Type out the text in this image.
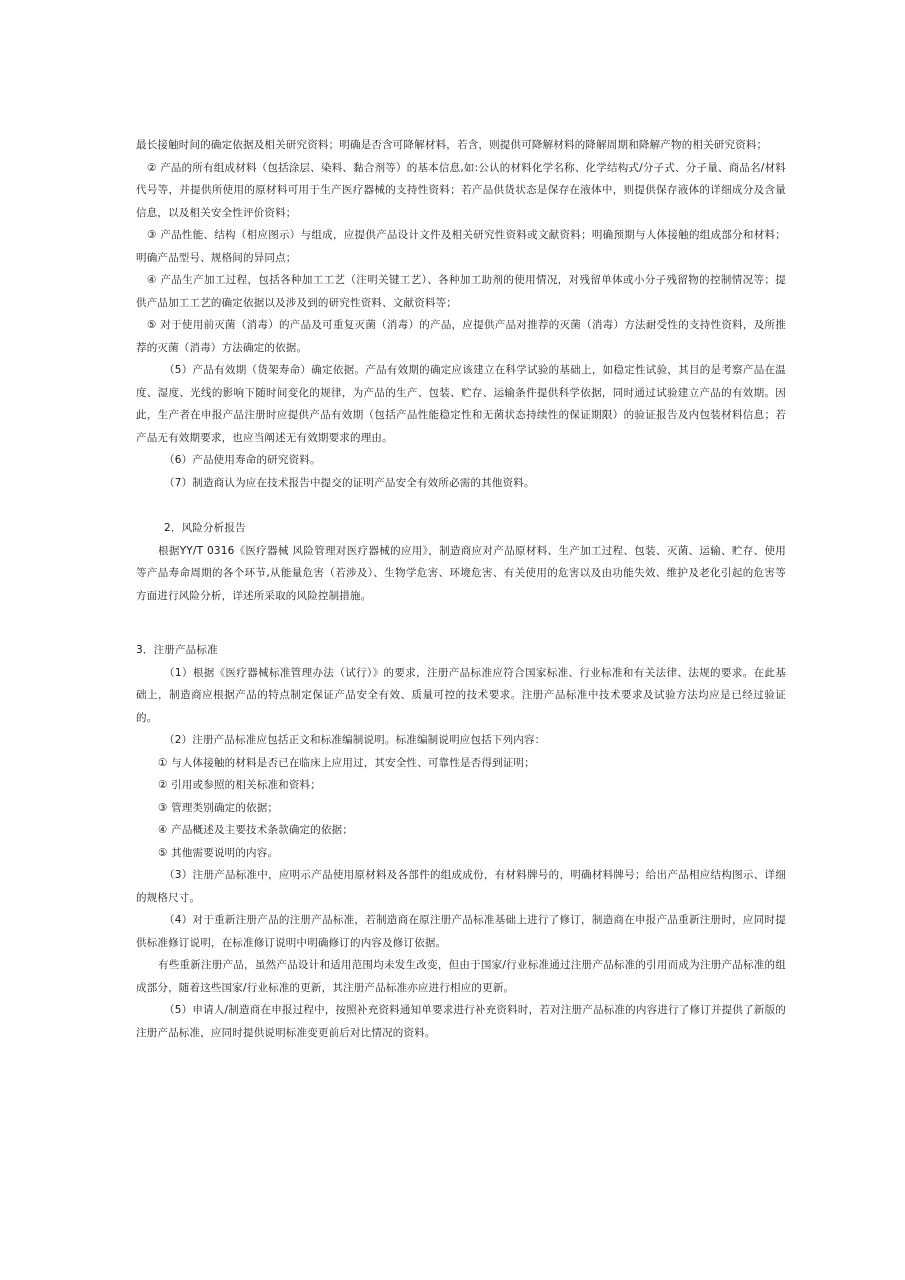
最长接触时间的确定依据及相关研究资料；明确是否含可降解材料，若含，则提供可降解材料的降解周期和降解产物的相关研究资料；

② 产品的所有组成材料（包括涂层、染料、黏合剂等）的基本信息,如:公认的材料化学名称、化学结构式/分子式、分子量、商品名/材料代号等，并提供所使用的原材料可用于生产医疗器械的支持性资料；若产品供货状态是保存在液体中，则提供保存液体的详细成分及含量信息，以及相关安全性评价资料；

③ 产品性能、结构（相应图示）与组成，应提供产品设计文件及相关研究性资料或文献资料；明确预期与人体接触的组成部分和材料；明确产品型号、规格间的异同点；

④ 产品生产加工过程，包括各种加工工艺（注明关键工艺）、各种加工助剂的使用情况，对残留单体或小分子残留物的控制情况等；提供产品加工工艺的确定依据以及涉及到的研究性资料、文献资料等；

⑤ 对于使用前灭菌（消毒）的产品及可重复灭菌（消毒）的产品，应提供产品对推荐的灭菌（消毒）方法耐受性的支持性资料，及所推荐的灭菌（消毒）方法确定的依据。

（5）产品有效期（货架寿命）确定依据。产品有效期的确定应该建立在科学试验的基础上，如稳定性试验，其目的是考察产品在温度、湿度、光线的影响下随时间变化的规律，为产品的生产、包装、贮存、运输条件提供科学依据，同时通过试验建立产品的有效期。因此，生产者在申报产品注册时应提供产品有效期（包括产品性能稳定性和无菌状态持续性的保证期限）的验证报告及内包装材料信息；若产品无有效期要求，也应当阐述无有效期要求的理由。

（6）产品使用寿命的研究资料。

（7）制造商认为应在技术报告中提交的证明产品安全有效所必需的其他资料。

2．风险分析报告

根据YY/T 0316《医疗器械 风险管理对医疗器械的应用》，制造商应对产品原材料、生产加工过程、包装、灭菌、运输、贮存、使用等产品寿命周期的各个环节,从能量危害（若涉及）、生物学危害、环境危害、有关使用的危害以及由功能失效、维护及老化引起的危害等方面进行风险分析，详述所采取的风险控制措施。

3．注册产品标准

（1）根据《医疗器械标准管理办法（试行）》的要求，注册产品标准应符合国家标准、行业标准和有关法律、法规的要求。在此基础上，制造商应根据产品的特点制定保证产品安全有效、质量可控的技术要求。注册产品标准中技术要求及试验方法均应是已经过验证的。

（2）注册产品标准应包括正文和标准编制说明。标准编制说明应包括下列内容：

① 与人体接触的材料是否已在临床上应用过，其安全性、可靠性是否得到证明；

② 引用或参照的相关标准和资料；

③ 管理类别确定的依据；

④ 产品概述及主要技术条款确定的依据；

⑤ 其他需要说明的内容。

（3）注册产品标准中，应明示产品使用原材料及各部件的组成成份，有材料牌号的，明确材料牌号；给出产品相应结构图示、详细的规格尺寸。

（4）对于重新注册产品的注册产品标准，若制造商在原注册产品标准基础上进行了修订，制造商在申报产品重新注册时，应同时提供标准修订说明，在标准修订说明中明确修订的内容及修订依据。

有些重新注册产品，虽然产品设计和适用范围均未发生改变，但由于国家/行业标准通过注册产品标准的引用而成为注册产品标准的组成部分，随着这些国家/行业标准的更新，其注册产品标准亦应进行相应的更新。

（5）申请人/制造商在申报过程中，按照补充资料通知单要求进行补充资料时，若对注册产品标准的内容进行了修订并提供了新版的注册产品标准，应同时提供说明标准变更前后对比情况的资料。
